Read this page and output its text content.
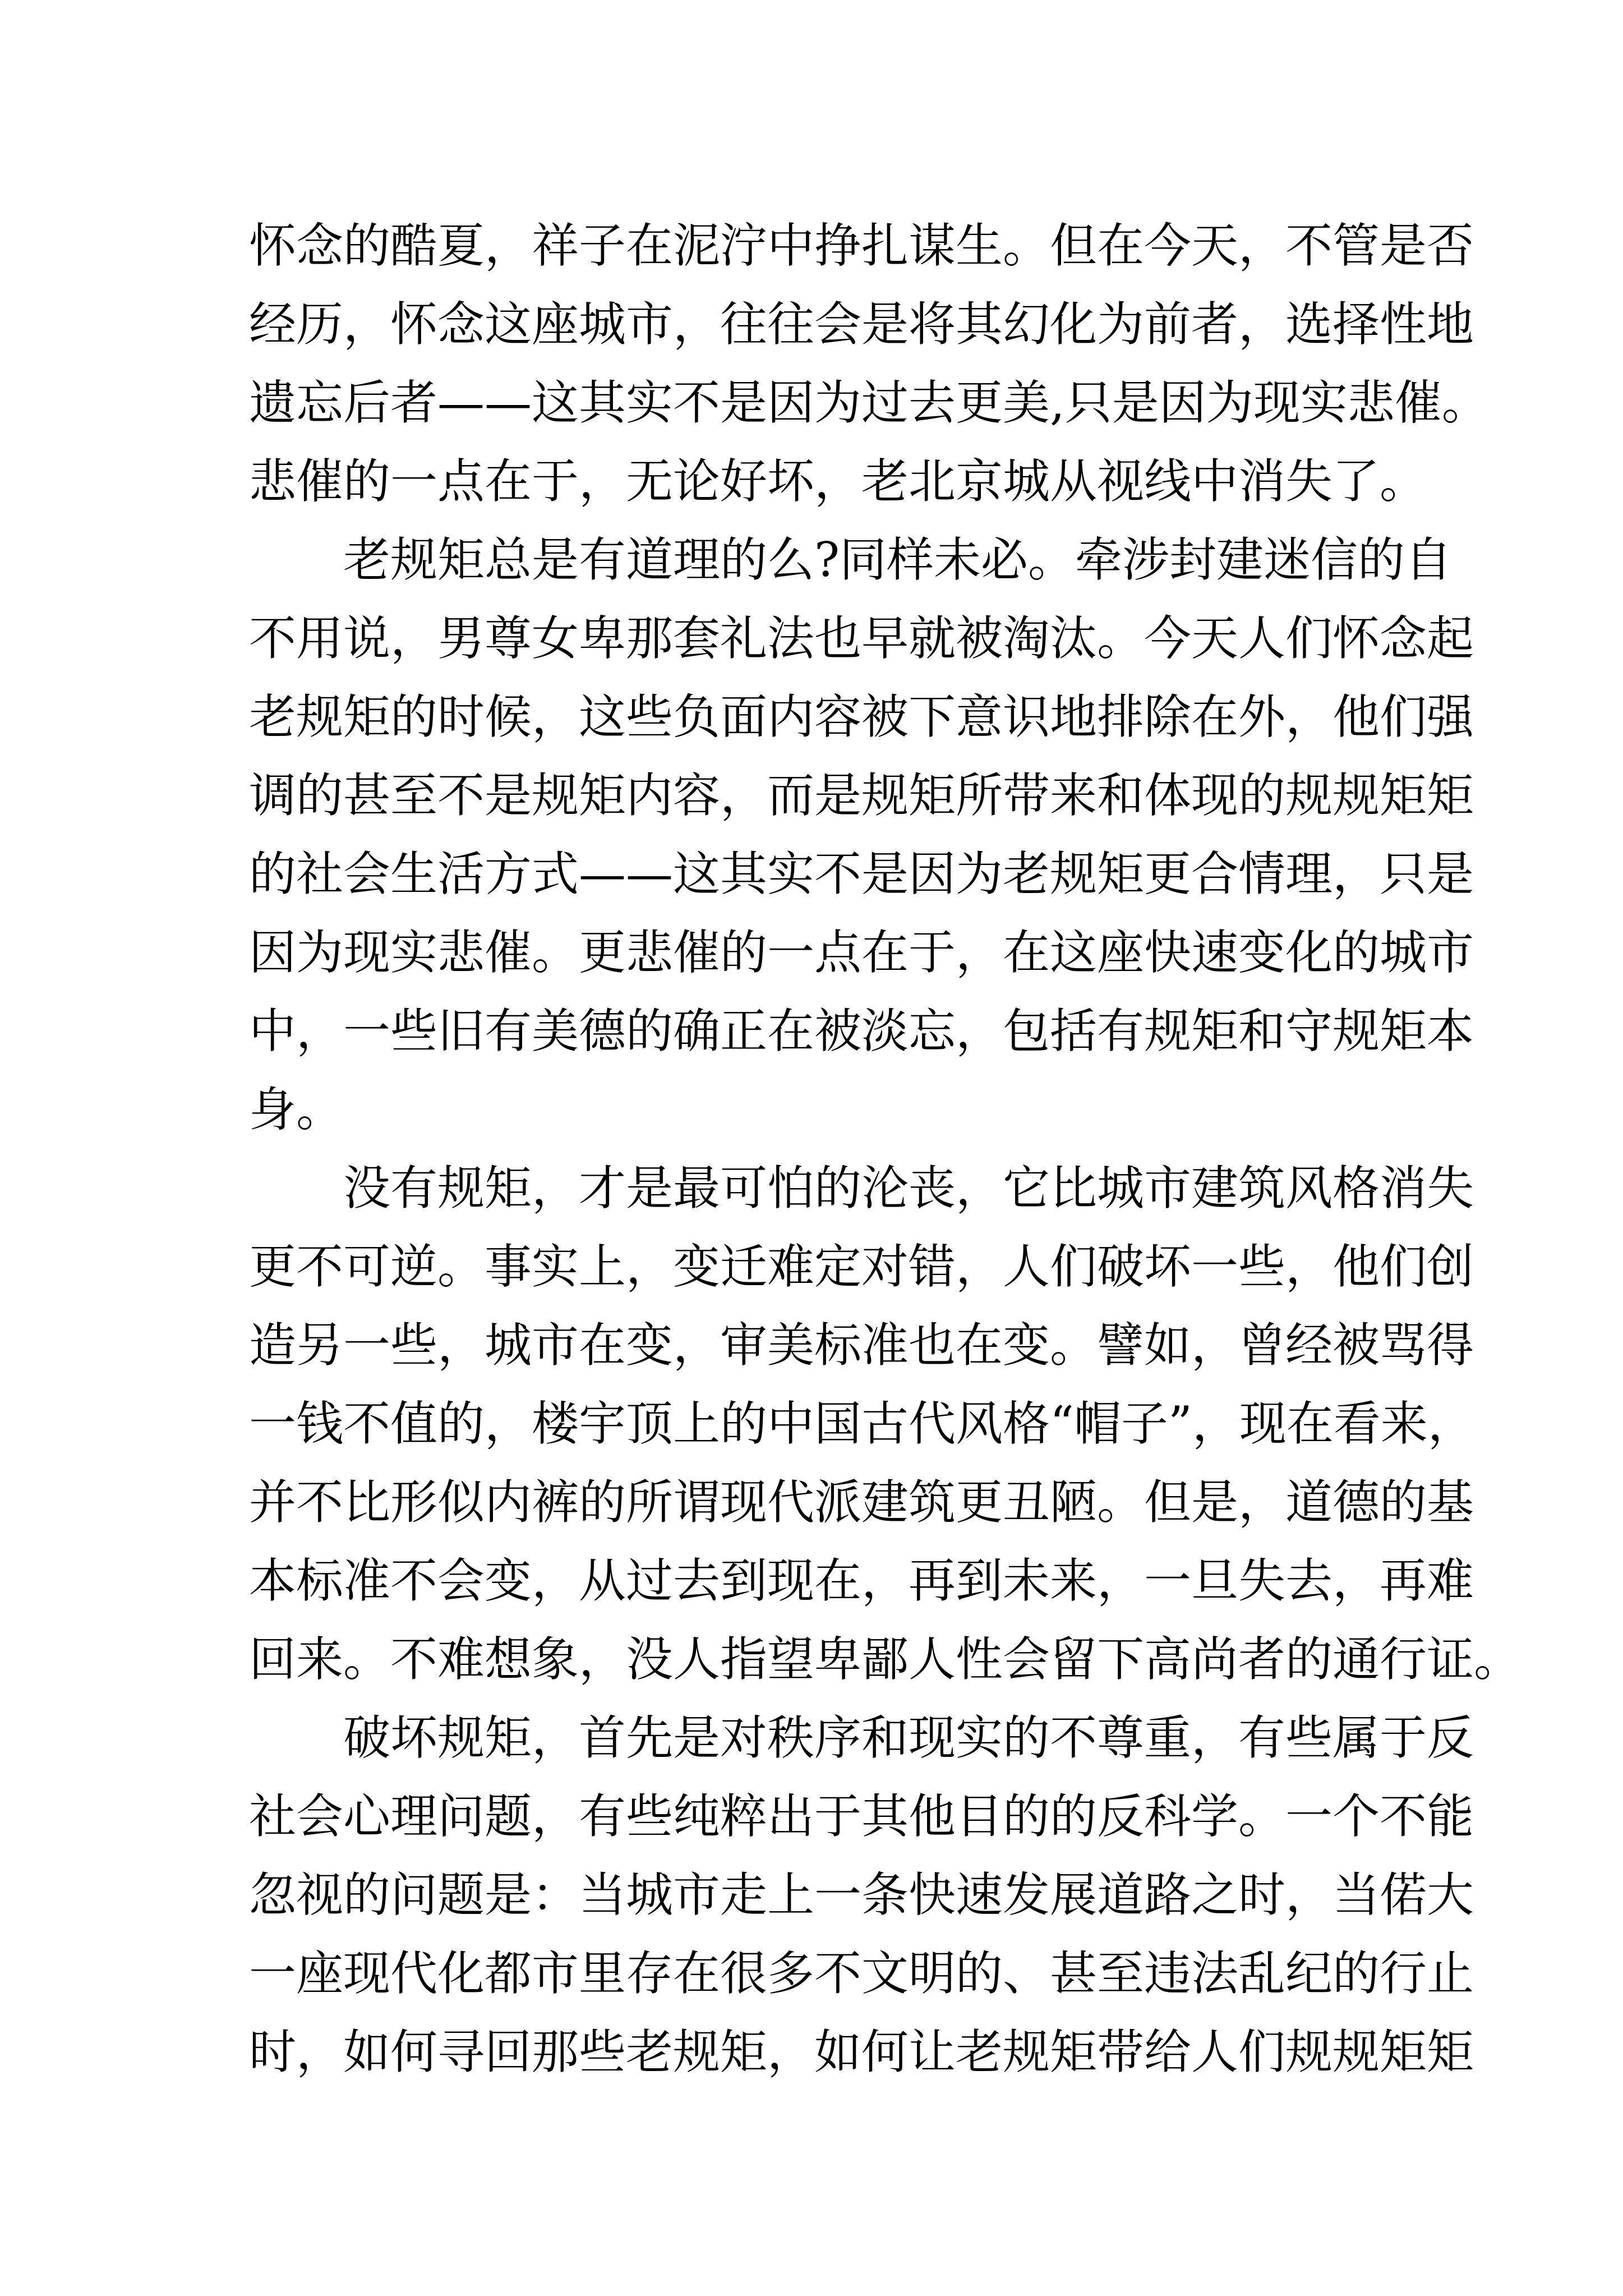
怀念的酷夏，祥子在泥泞中挣扎谋生。但在今天，不管是否
经历，怀念这座城市，往往会是将其幻化为前者，选择性地
遗忘后者——这其实不是因为过去更美,只是因为现实悲催。
悲催的一点在于，无论好坏，老北京城从视线中消失了。
老规矩总是有道理的么?同样未必。牵涉封建迷信的自
不用说，男尊女卑那套礼法也早就被淘汰。今天人们怀念起
老规矩的时候，这些负面内容被下意识地排除在外，他们强
调的甚至不是规矩内容，而是规矩所带来和体现的规规矩矩
的社会生活方式——这其实不是因为老规矩更合情理，只是
因为现实悲催。更悲催的一点在于，在这座快速变化的城市
中，一些旧有美德的确正在被淡忘，包括有规矩和守规矩本
身。
没有规矩，才是最可怕的沦丧，它比城市建筑风格消失
更不可逆。事实上，变迁难定对错，人们破坏一些，他们创
造另一些，城市在变，审美标准也在变。譬如，曾经被骂得
一钱不值的，楼宇顶上的中国古代风格“帽子”，现在看来，
并不比形似内裤的所谓现代派建筑更丑陋。但是，道德的基
本标准不会变，从过去到现在，再到未来，一旦失去，再难
回来。不难想象，没人指望卑鄙人性会留下高尚者的通行证。
破坏规矩，首先是对秩序和现实的不尊重，有些属于反
社会心理问题，有些纯粹出于其他目的的反科学。一个不能
忽视的问题是：当城市走上一条快速发展道路之时，当偌大
一座现代化都市里存在很多不文明的、甚至违法乱纪的行止
时，如何寻回那些老规矩，如何让老规矩带给人们规规矩矩
